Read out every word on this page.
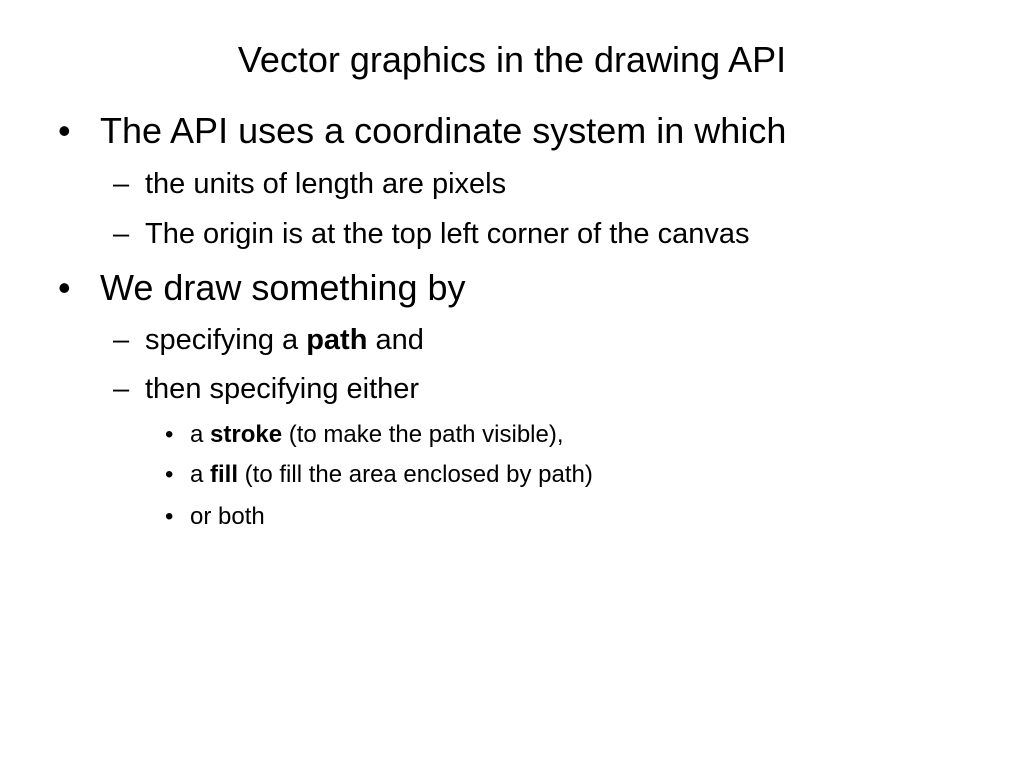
Vector graphics in the drawing API
• The API uses a coordinate system in which
– the units of length are pixels
– The origin is at the top left corner of the canvas
• We draw something by
– specifying a path and
– then specifying either
• a stroke (to make the path visible),
• a fill (to fill the area enclosed by path)
• or both
